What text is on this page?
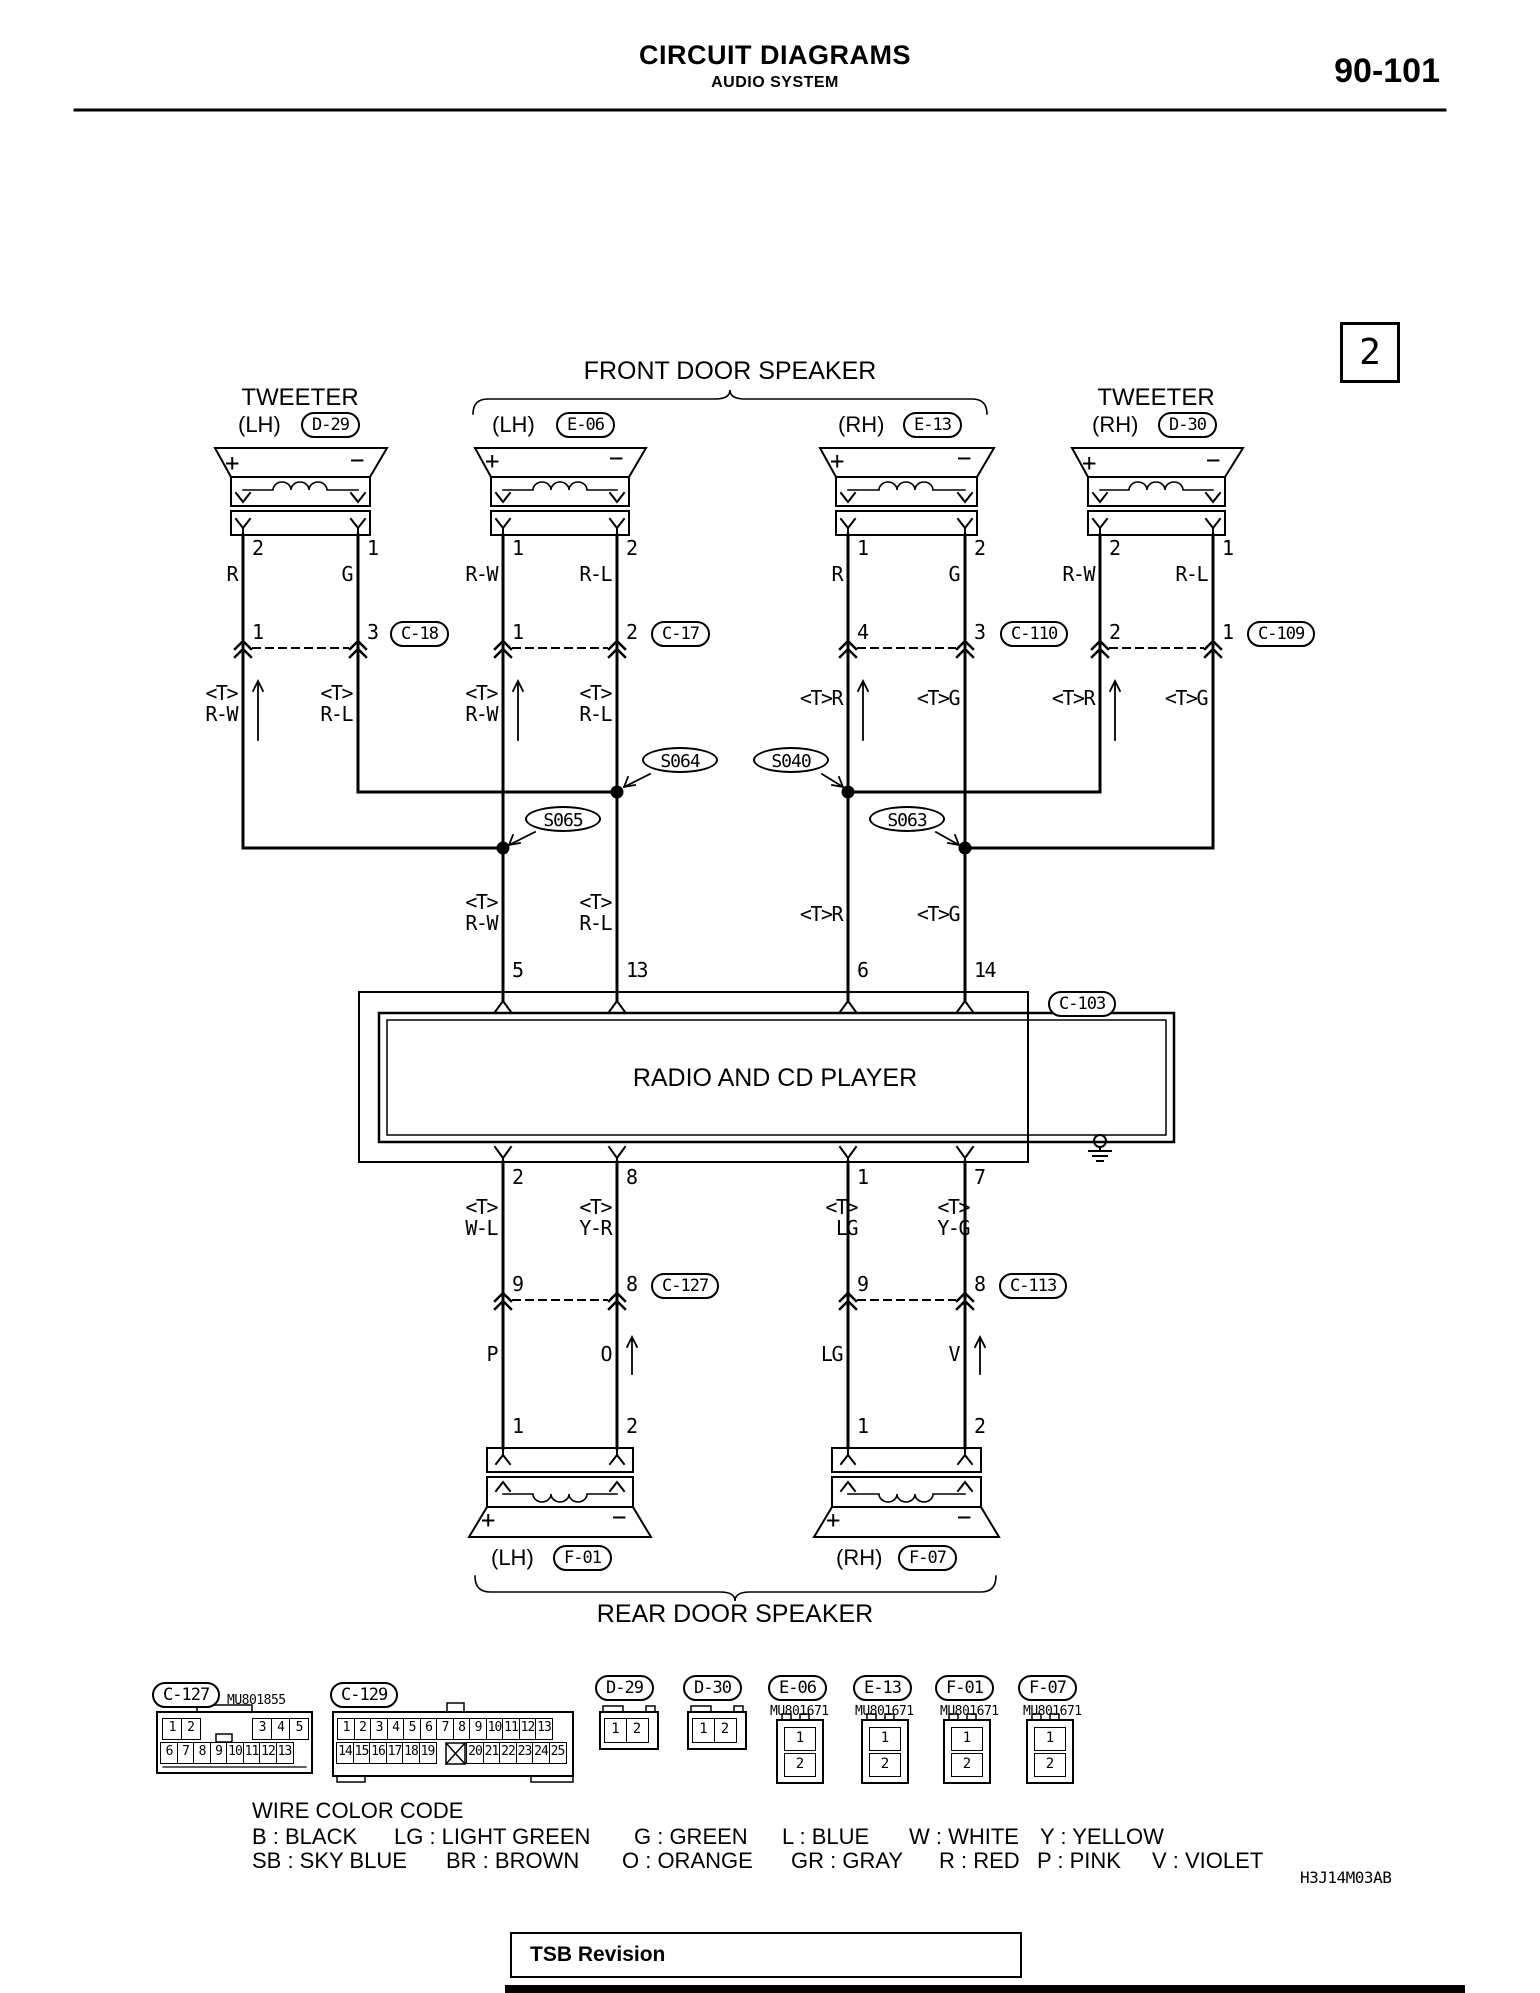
CIRCUIT DIAGRAMS
AUDIO SYSTEM	90-101
2
FRONT DOOR SPEAKER
TWEETER
(LH)	D-29
+	−
2	1
R	G
1	3	C-18
<T>
R-W
<T>
R-L
(LH)	E-06
+	−
1	2
R-W	R-L
1	2	C-17
<T>
R-W
<T>
R-L
<T>
R-W
<T>
R-L
5	13
(RH)	E-13
+	−
1	2
R	G
4	3	C-110
<T>R	<T>G
<T>R	<T>G
6	14
TWEETER
(RH)	D-30
+	−
2	1
R-W	R-L
2	1	C-109
<T>R	<T>G
S064	S040
S065	S063
C-103
RADIO AND CD PLAYER
2	8	1	7
<T>
W-L
<T>
Y-R
<T>
LG
<T>
Y-G
9	8	C-127	9	8	C-113
P	O	LG	V
1	2	1	2
+	−	+	−
(LH)	F-01	(RH)	F-07
REAR DOOR SPEAKER
C-127	MU801855
1 2	3 4 5
6 7 8 9 10 11 12 13
C-129
1 2 3 4 5 6 7 8 9 10 11 12 13
14 15 16 17 18 19	20 21 22 23 24 25
D-29
1 2
D-30
1 2
E-06
MU801671
1
2
E-13
MU801671
1
2
F-01
MU801671
1
2
F-07
MU801671
1
2
WIRE COLOR CODE
B : BLACK LG : LIGHT GREEN G : GREEN L : BLUE W : WHITE Y : YELLOW
SB : SKY BLUE BR : BROWN O : ORANGE GR : GRAY R : RED P : PINK V : VIOLET
H3J14M03AB
TSB Revision
